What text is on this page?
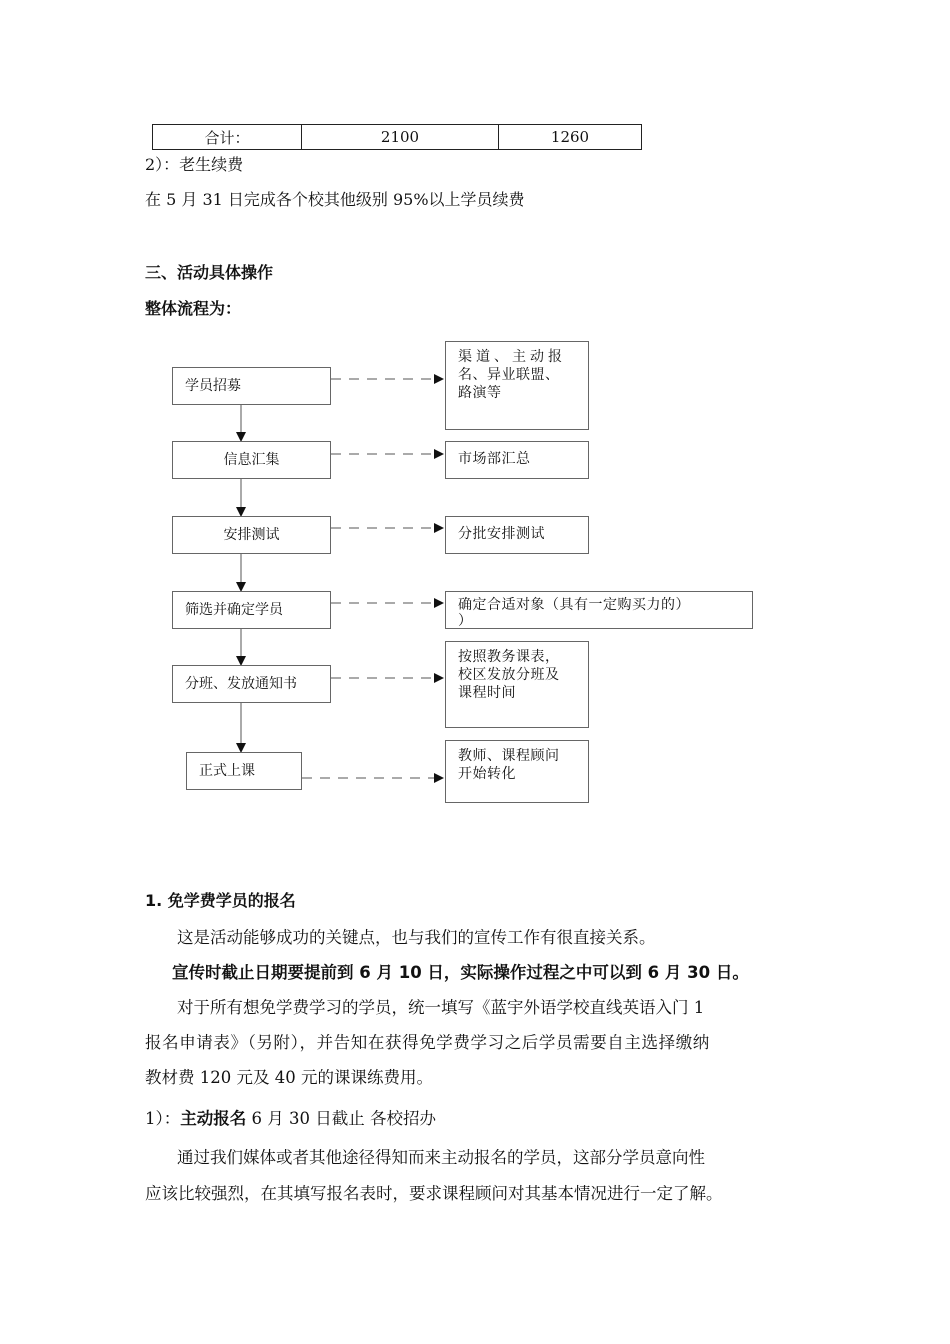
合计：	2100	1260
2）：老生续费
在 5 月 31 日完成各个校其他级别 95%以上学员续费
三、活动具体操作
整体流程为：
学员招募
信息汇集
安排测试
筛选并确定学员
分班、发放通知书
正式上课
渠道、主动报
名、异业联盟、
路演等
市场部汇总
分批安排测试
确定合适对象（具有一定购买力的）
）
按照教务课表，
校区发放分班及
课程时间
教师、课程顾问
开始转化
1. 免学费学员的报名
这是活动能够成功的关键点，也与我们的宣传工作有很直接关系。
宣传时截止日期要提前到 6 月 10 日，实际操作过程之中可以到 6 月 30 日。
对于所有想免学费学习的学员，统一填写《蓝宇外语学校直线英语入门 1
报名申请表》（另附），并告知在获得免学费学习之后学员需要自主选择缴纳
教材费 120 元及 40 元的课课练费用。
1）：主动报名 6 月 30 日截止 各校招办
通过我们媒体或者其他途径得知而来主动报名的学员，这部分学员意向性
应该比较强烈，在其填写报名表时，要求课程顾问对其基本情况进行一定了解。
